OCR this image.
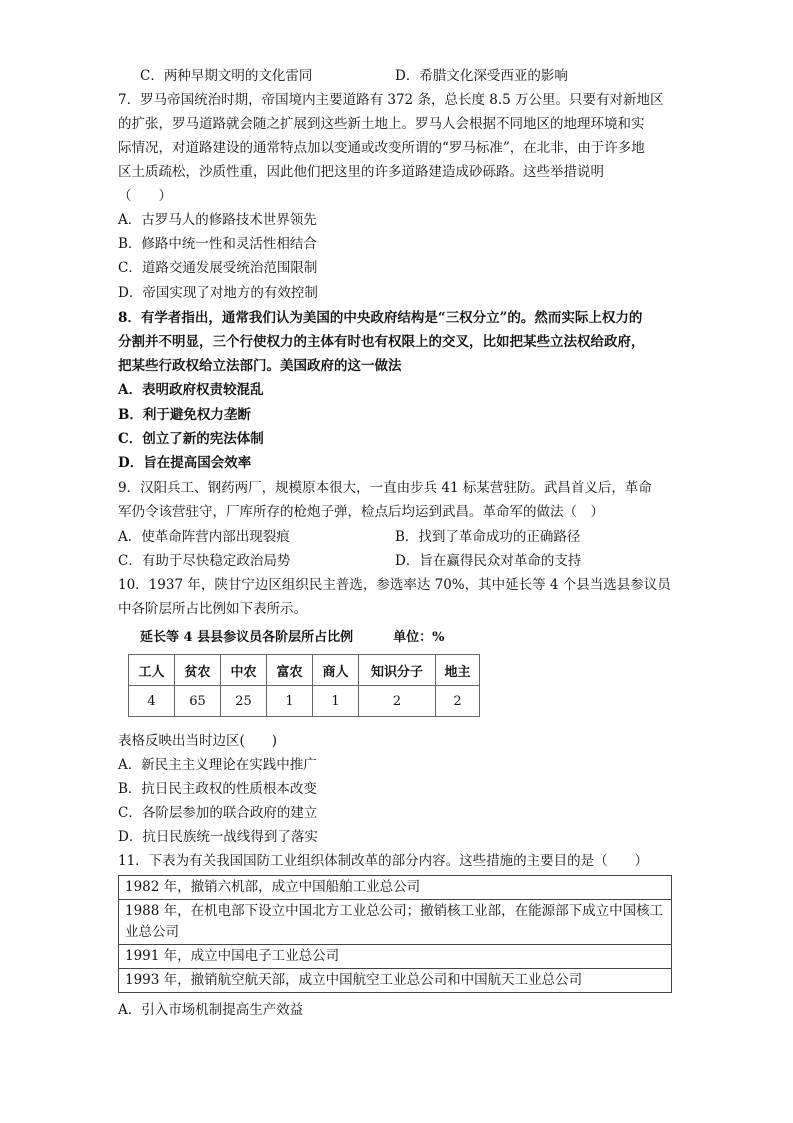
C．两种早期文明的文化雷同	D．希腊文化深受西亚的影响
7．罗马帝国统治时期，帝国境内主要道路有 372 条，总长度 8.5 万公里。只要有对新地区
的扩张，罗马道路就会随之扩展到这些新土地上。罗马人会根据不同地区的地理环境和实
际情况，对道路建设的通常特点加以变通或改变所谓的“罗马标准”，在北非，由于许多地
区土质疏松，沙质性重，因此他们把这里的许多道路建造成砂砾路。这些举措说明
（　　）
A．古罗马人的修路技术世界领先
B．修路中统一性和灵活性相结合
C．道路交通发展受统治范围限制
D．帝国实现了对地方的有效控制
8．有学者指出，通常我们认为美国的中央政府结构是“三权分立”的。然而实际上权力的
分割并不明显，三个行使权力的主体有时也有权限上的交叉，比如把某些立法权给政府，
把某些行政权给立法部门。美国政府的这一做法
A．表明政府权责较混乱
B．利于避免权力垄断
C．创立了新的宪法体制
D．旨在提高国会效率
9．汉阳兵工、钢药两厂，规模原本很大，一直由步兵 41 标某营驻防。武昌首义后，革命
军仍令该营驻守，厂库所存的枪炮子弹，检点后均运到武昌。革命军的做法（　）
A．使革命阵营内部出现裂痕	B．找到了革命成功的正确路径
C．有助于尽快稳定政治局势	D．旨在赢得民众对革命的支持
10．1937 年，陕甘宁边区组织民主普选，参选率达 70%，其中延长等 4 个县当选县参议员
中各阶层所占比例如下表所示。
延长等 4 县县参议员各阶层所占比例	单位：%
工人	贫农	中农	富农	商人	知识分子	地主
4	65	25	1	1	2	2
表格反映出当时边区(　　)
A．新民主主义理论在实践中推广
B．抗日民主政权的性质根本改变
C．各阶层参加的联合政府的建立
D．抗日民族统一战线得到了落实
11．下表为有关我国国防工业组织体制改革的部分内容。这些措施的主要目的是（　　）
1982 年，撤销六机部，成立中国船舶工业总公司
1988 年，在机电部下设立中国北方工业总公司；撤销核工业部，在能源部下成立中国核工业总公司
1991 年，成立中国电子工业总公司
1993 年，撤销航空航天部，成立中国航空工业总公司和中国航天工业总公司
A．引入市场机制提高生产效益
